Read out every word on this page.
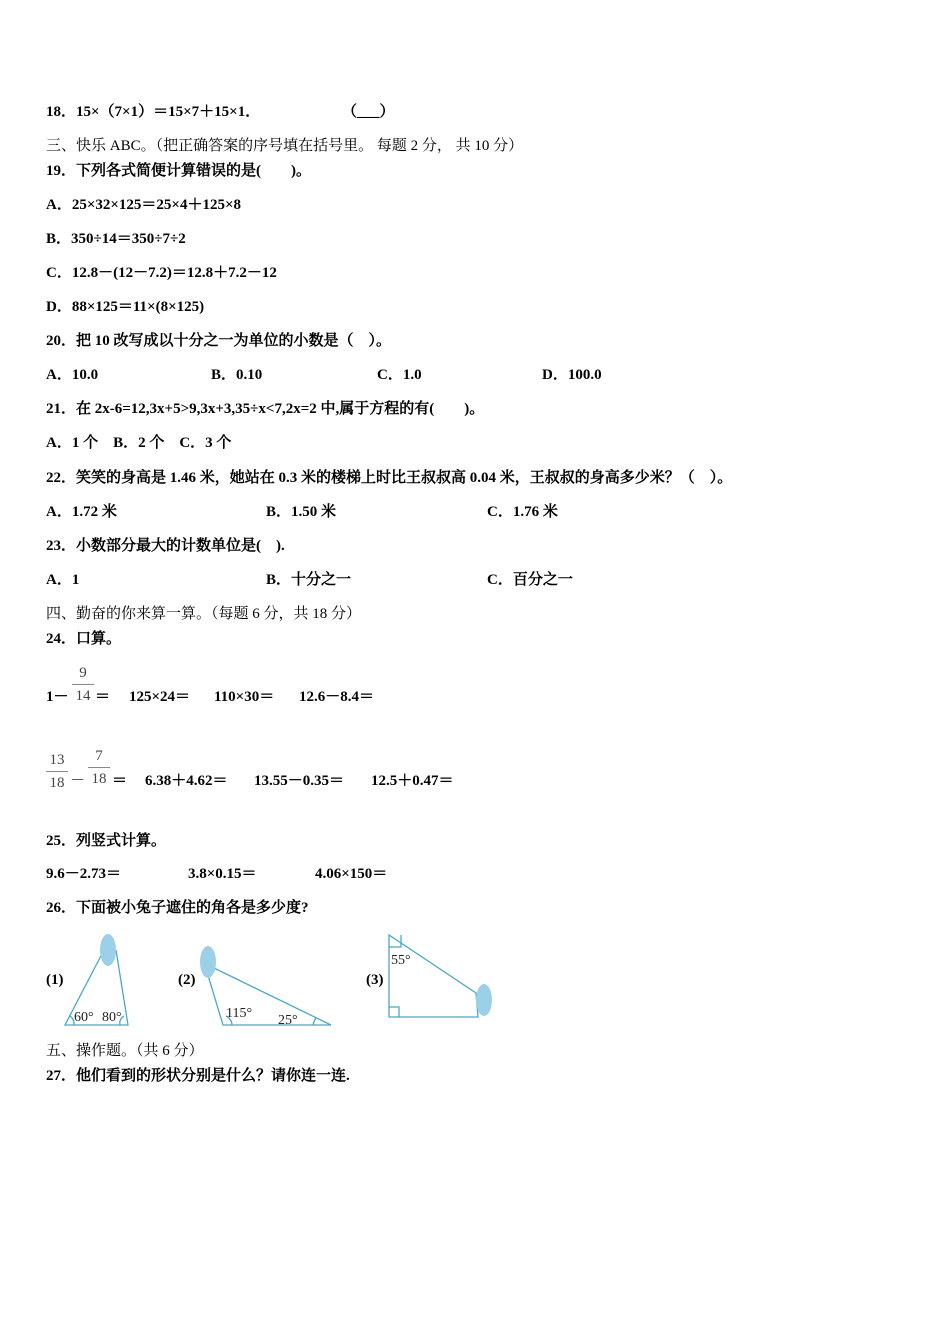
18．15×（7×1）＝15×7＋15×1．	（___）
三、快乐 ABC。（把正确答案的序号填在括号里。 每题 2 分， 共 10 分）
19．下列各式简便计算错误的是(　　)。
A．25×32×125＝25×4＋125×8
B．350÷14＝350÷7÷2
C．12.8－(12－7.2)＝12.8＋7.2－12
D．88×125＝11×(8×125)
20．把 10 改写成以十分之一为单位的小数是（　）。
A．10.0	B．0.10	C．1.0	D．100.0
21．在 2x-6=12,3x+5>9,3x+3,35÷x<7,2x=2 中,属于方程的有(　　)。
A．1 个　B．2 个　C．3 个
22．笑笑的身高是 1.46 米，她站在 0.3 米的楼梯上时比王叔叔高 0.04 米，王叔叔的身高多少米？（　）。
A．1.72 米	B．1.50 米	C．1.76 米
23．小数部分最大的计数单位是(　).
A．1	B．十分之一	C．百分之一
四、勤奋的你来算一算。（每题 6 分，共 18 分）
24．口算。
1－
9
14 ＝ 125×24＝ 110×30＝ 12.6－8.4＝
13
18 －
7
18 ＝ 6.38＋4.62＝ 13.55－0.35＝ 12.5＋0.47＝
25．列竖式计算。
9.6－2.73＝	3.8×0.15＝	4.06×150＝
26．下面被小兔子遮住的角各是多少度?
(1)	(2)	(3)
60° 80°	115° 25°
55°
五、操作题。（共 6 分）
27．他们看到的形状分别是什么？请你连一连.
